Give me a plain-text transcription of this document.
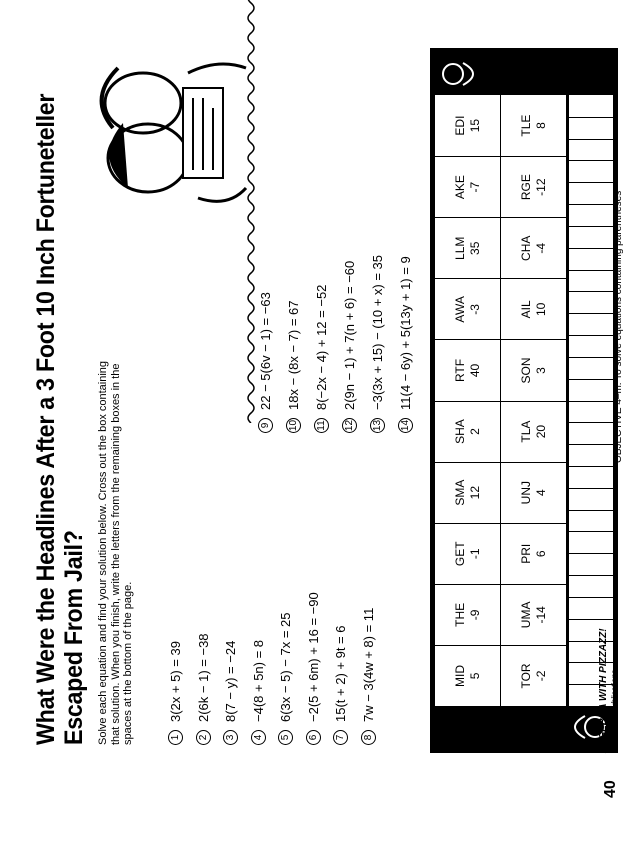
What Were the Headlines After a 3 Foot 10 Inch Fortuneteller Escaped From Jail? Solve each equation and find your solution below. Cross out the box containing that solution. When you finish, write the letters from the remaining boxes in the spaces at the bottom of the page.	1
3(2x + 5) = 39
2
2(6k − 1) = −38
3
8(7 − y) = −24
4
−4(8 + 5n) = 8
5
6(3x − 5) − 7x = 25
6
−2(5 + 6m) + 16 = −90
7
15(t + 2) + 9t = 6
8
7w − 3(4w + 8) = 11
9
22 − 5(6v − 1) = −63
10
18x − (8x − 7) = 67
11
8(−2x − 4) + 12 = −52
12
2(9n − 1) + 7(n + 6) = −60
13
−3(3x + 15) − (10 + x) = 35
14
11(4 − 6y) + 5(13y + 1) = 9
MID 5
THE -9
GET -1
SMA 12
SHA 2
RTF 40
AWA -3
LLM 35
AKE -7
EDI 15
TOR -2
UMA -14
PRI 6
UNJ 4
TLA 20
SON 3
AIL 10
CHA -4
RGE -12
TLE 8
40
ALGEBRA WITH PIZZAZZ! © Creative Publications
OBJECTIVE 4–m: To solve equations containing parentheses
